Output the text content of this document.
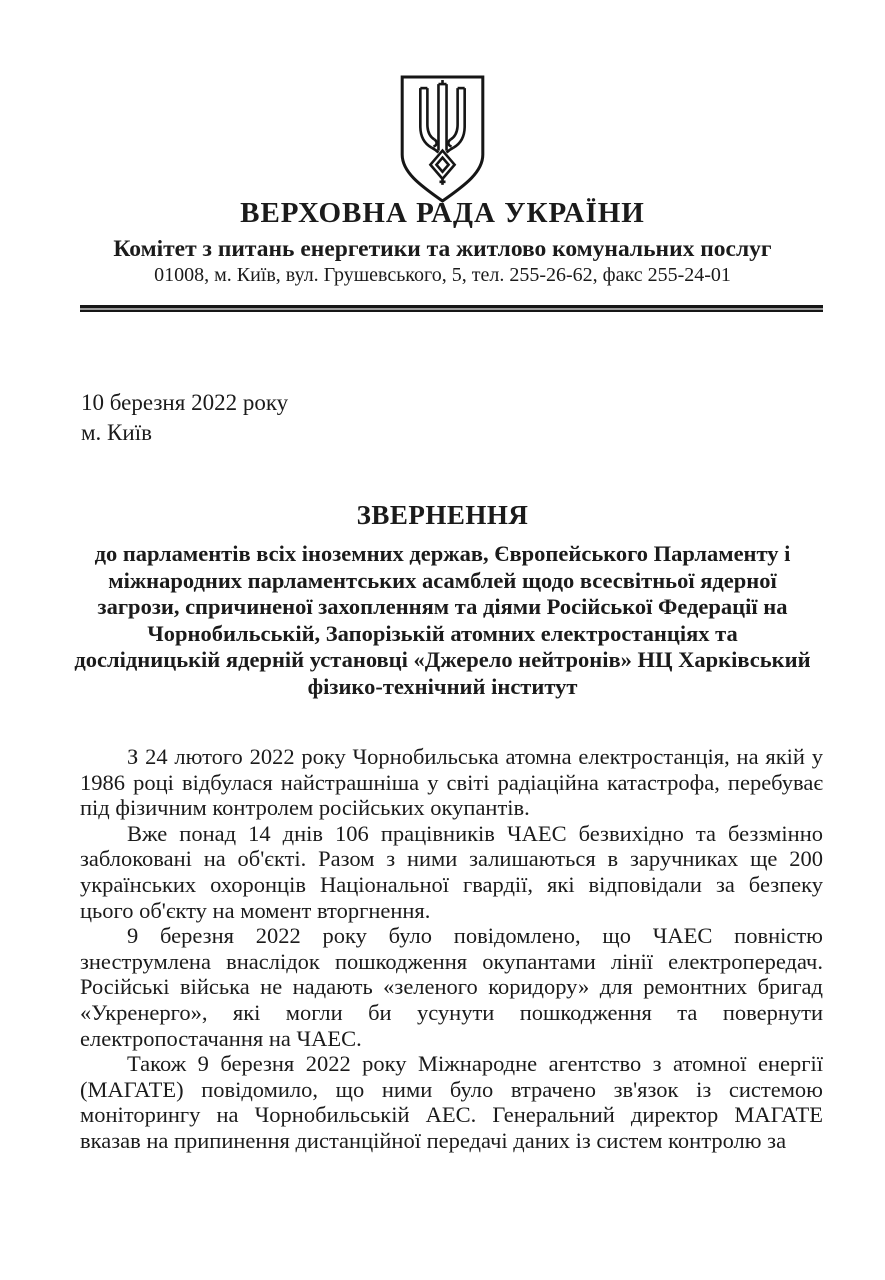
ВЕРХОВНА РАДА УКРАЇНИ
Комітет з питань енергетики та житлово комунальних послуг
01008, м. Київ, вул. Грушевського, 5, тел. 255-26-62, факс 255-24-01
10 березня 2022 року
м. Київ
ЗВЕРНЕННЯ
до парламентів всіх іноземних держав, Європейського Парламенту і міжнародних парламентських асамблей щодо всесвітньої ядерної загрози, спричиненої захопленням та діями Російської Федерації на Чорнобильській, Запорізькій атомних електростанціях та дослідницькій ядерній установці «Джерело нейтронів» НЦ Харківський фізико-технічний інститут

З 24 лютого 2022 року Чорнобильська атомна електростанція, на якій у 1986 році відбулася найстрашніша у світі радіаційна катастрофа, перебуває під фізичним контролем російських окупантів.

Вже понад 14 днів 106 працівників ЧАЕС безвихідно та беззмінно заблоковані на об'єкті. Разом з ними залишаються в заручниках ще 200 українських охоронців Національної гвардії, які відповідали за безпеку цього об'єкту на момент вторгнення.

9 березня 2022 року було повідомлено, що ЧАЕС повністю знеструмлена внаслідок пошкодження окупантами лінії електропередач. Російські війська не надають «зеленого коридору» для ремонтних бригад «Укренерго», які могли би усунути пошкодження та повернути електропостачання на ЧАЕС.

Також 9 березня 2022 року Міжнародне агентство з атомної енергії (МАГАТЕ) повідомило, що ними було втрачено зв'язок із системою моніторингу на Чорнобильській АЕС. Генеральний директор МАГАТЕ вказав на припинення дистанційної передачі даних із систем контролю за
